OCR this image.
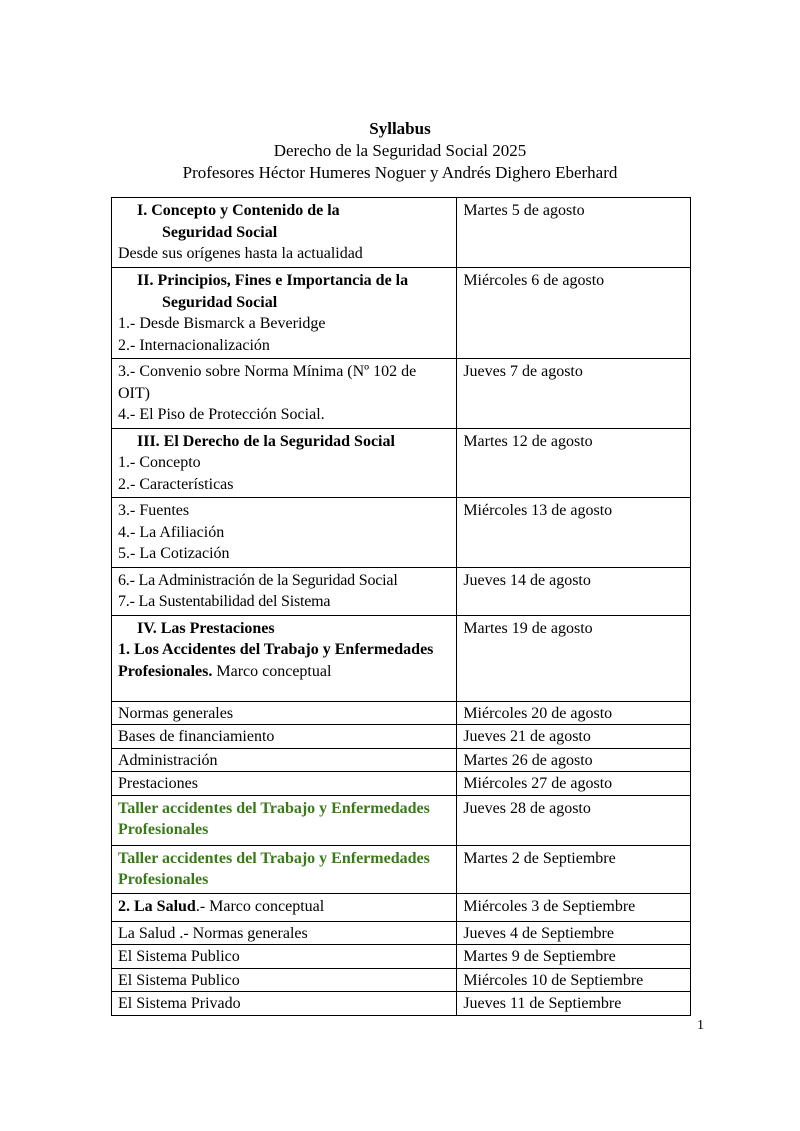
Syllabus
Derecho de la Seguridad Social 2025
Profesores Héctor Humeres Noguer y Andrés Dighero Eberhard
I. Concepto y Contenido de la
Seguridad Social
Desde sus orígenes hasta la actualidad	Martes 5 de agosto

II. Principios, Fines e Importancia de la
Seguridad Social
1.- Desde Bismarck a Beveridge
2.- Internacionalización	Miércoles 6 de agosto

3.- Convenio sobre Norma Mínima (Nº 102 de OIT)
4.- El Piso de Protección Social.	Jueves 7 de agosto

III. El Derecho de la Seguridad Social
1.- Concepto
2.- Características	Martes 12 de agosto

3.- Fuentes
4.- La Afiliación
5.- La Cotización	Miércoles 13 de agosto

6.- La Administración de la Seguridad Social
7.- La Sustentabilidad del Sistema	Jueves 14 de agosto

IV. Las Prestaciones
1. Los Accidentes del Trabajo y Enfermedades Profesionales. Marco conceptual	Martes 19 de agosto
Normas generales	Miércoles 20 de agosto
Bases de financiamiento	Jueves 21 de agosto
Administración	Martes 26 de agosto
Prestaciones	Miércoles 27 de agosto
Taller accidentes del Trabajo y Enfermedades Profesionales	Jueves 28 de agosto
Taller accidentes del Trabajo y Enfermedades Profesionales	Martes 2 de Septiembre
2. La Salud.- Marco conceptual	Miércoles 3 de Septiembre
La Salud .- Normas generales	Jueves 4 de Septiembre
El Sistema Publico	Martes 9 de Septiembre
El Sistema Publico	Miércoles 10 de Septiembre
El Sistema Privado	Jueves 11 de Septiembre
1
